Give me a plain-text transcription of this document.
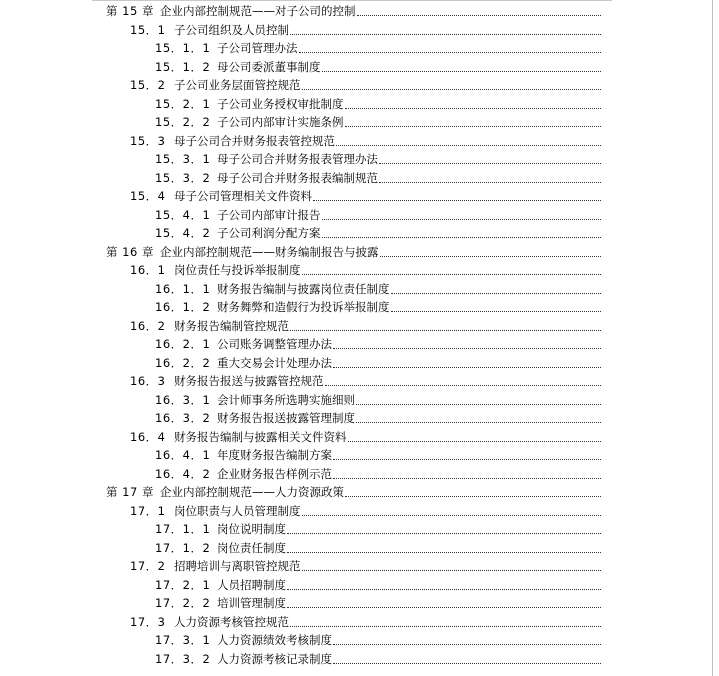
第 15 章 企业内部控制规范——对子公司的控制
15．1 子公司组织及人员控制
15．1．1 子公司管理办法
15．1．2 母公司委派董事制度
15．2 子公司业务层面管控规范
15．2．1 子公司业务授权审批制度
15．2．2 子公司内部审计实施条例
15．3 母子公司合并财务报表管控规范
15．3．1 母子公司合并财务报表管理办法
15．3．2 母子公司合并财务报表编制规范
15．4 母子公司管理相关文件资料
15．4．1 子公司内部审计报告
15．4．2 子公司利润分配方案
第 16 章 企业内部控制规范——财务编制报告与披露
16．1 岗位责任与投诉举报制度
16．1．1 财务报告编制与披露岗位责任制度
16．1．2 财务舞弊和造假行为投诉举报制度
16．2 财务报告编制管控规范
16．2．1 公司账务调整管理办法
16．2．2 重大交易会计处理办法
16．3 财务报告报送与披露管控规范
16．3．1 会计师事务所选聘实施细则
16．3．2 财务报告报送披露管理制度
16．4 财务报告编制与披露相关文件资料
16．4．1 年度财务报告编制方案
16．4．2 企业财务报告样例示范
第 17 章 企业内部控制规范——人力资源政策
17．1 岗位职责与人员管理制度
17．1．1 岗位说明制度
17．1．2 岗位责任制度
17．2 招聘培训与离职管控规范
17．2．1 人员招聘制度
17．2．2 培训管理制度
17．3 人力资源考核管控规范
17．3．1 人力资源绩效考核制度
17．3．2 人力资源考核记录制度
